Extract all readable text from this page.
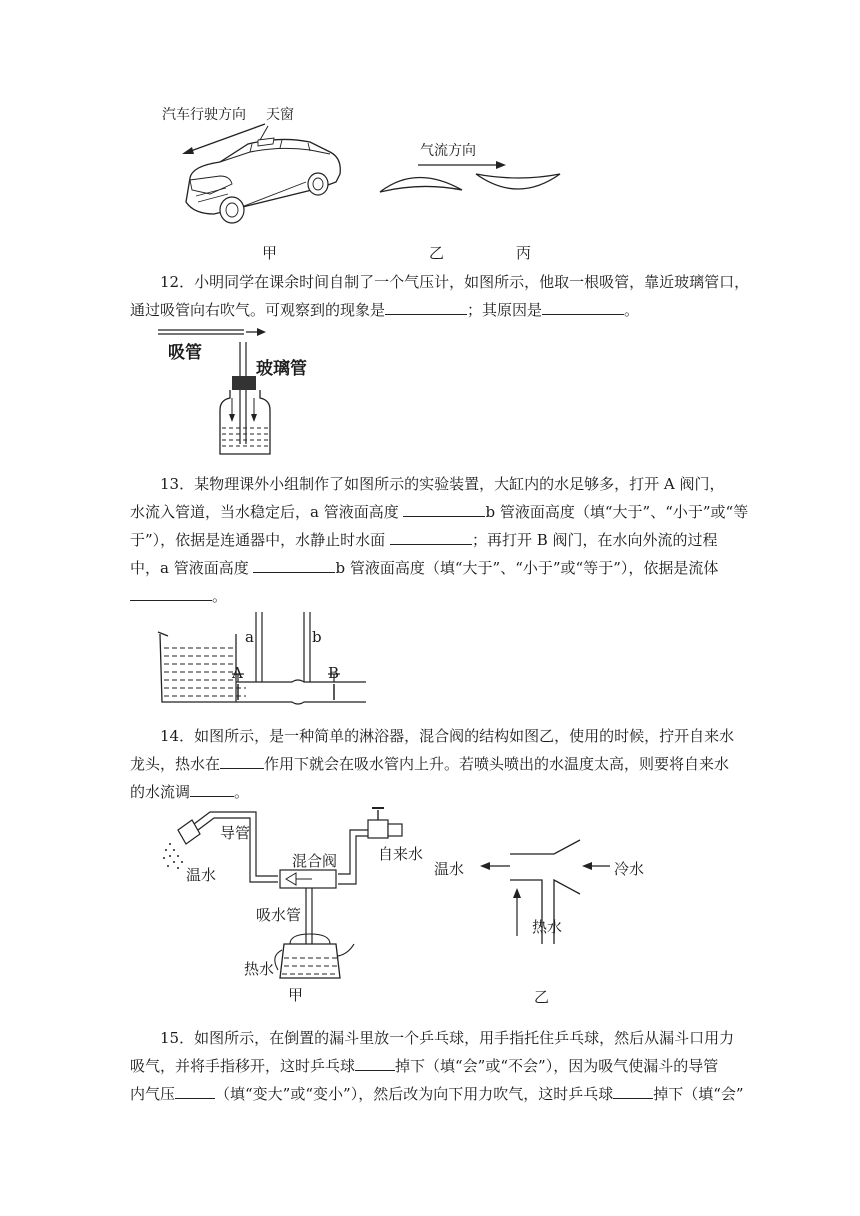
汽车行驶方向 天窗
气流方向
甲	乙	丙

12．小明同学在课余时间自制了一个气压计，如图所示，他取一根吸管，靠近玻璃管口，

通过吸管向右吹气。可观察到的现象是	；其原因是	。

吸管
玻璃管

13．某物理课外小组制作了如图所示的实验装置，大缸内的水足够多，打开 A 阀门，

水流入管道，当水稳定后，a 管液面高度	b 管液面高度（填“大于”、“小于”或“等

于”），依据是连通器中，水静止时水面	；再打开 B 阀门，在水向外流的过程

中，a 管液面高度	b 管液面高度（填“大于”、“小于”或“等于”），依据是流体

。

a	b
A	B

14．如图所示，是一种简单的淋浴器，混合阀的结构如图乙，使用的时候，拧开自来水

龙头，热水在	作用下就会在吸水管内上升。若喷头喷出的水温度太高，则要将自来水

的水流调	。

导管
温水
混合阀	自来水
吸水管
热水
甲
温水	冷水
热水
乙

15．如图所示，在倒置的漏斗里放一个乒乓球，用手指托住乒乓球，然后从漏斗口用力

吸气，并将手指移开，这时乒乓球	掉下（填“会”或“不会”），因为吸气使漏斗的导管

内气压	（填“变大”或“变小”），然后改为向下用力吹气，这时乒乓球	掉下（填“会”
